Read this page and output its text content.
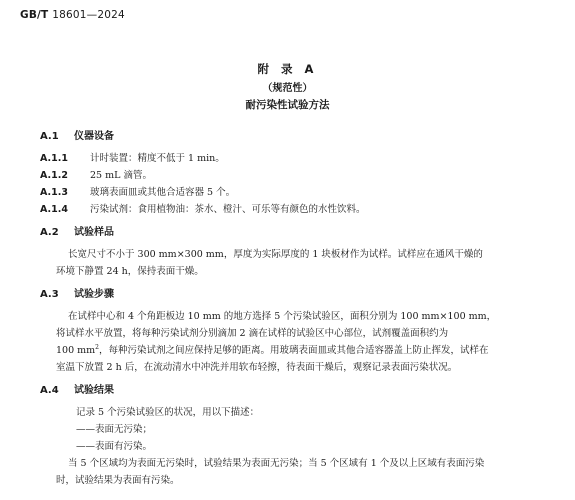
GB/T 18601—2024
附 录 A
（规范性）
耐污染性试验方法
A.1 仪器设备
A.1.1 计时装置：精度不低于 1 min。
A.1.2 25 mL 滴管。
A.1.3 玻璃表面皿或其他合适容器 5 个。
A.1.4 污染试剂：食用植物油：茶水、橙汁、可乐等有颜色的水性饮料。
A.2 试验样品
长宽尺寸不小于 300 mm×300 mm，厚度为实际厚度的 1 块板材作为试样。试样应在通风干燥的
环境下静置 24 h，保持表面干燥。
A.3 试验步骤
在试样中心和 4 个角距板边 10 mm 的地方选择 5 个污染试验区，面积分别为 100 mm×100 mm，
将试样水平放置，将每种污染试剂分别滴加 2 滴在试样的试验区中心部位，试剂覆盖面积约为
100 $mm^2$，每种污染试剂之间应保持足够的距离。用玻璃表面皿或其他合适容器盖上防止挥发，试样在
室温下放置 2 h 后，在流动清水中冲洗并用软布轻擦，待表面干燥后，观察记录表面污染状况。
A.4 试验结果
记录 5 个污染试验区的状况，用以下描述：
——表面无污染；
——表面有污染。
当 5 个区域均为表面无污染时，试验结果为表面无污染；当 5 个区域有 1 个及以上区域有表面污染
时，试验结果为表面有污染。
